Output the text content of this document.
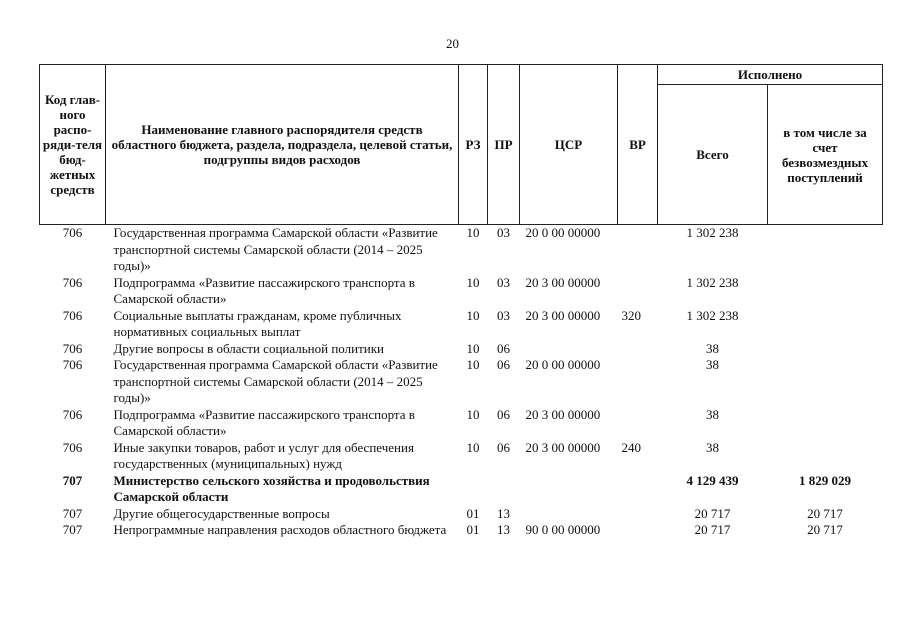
20
Код глав-ного распо-ряди-теля бюд-жетных средств	Наименование главного распорядителя средств областного бюджета, раздела, подраздела, целевой статьи, подгруппы видов расходов	РЗ	ПР	ЦСР	ВР	Исполнено	
						Всего	в том числе за счет безвозмездных поступлений
706	Государственная программа Самарской области «Развитие транспортной системы Самарской области (2014 – 2025 годы)»	10	03	20 0 00 00000		1 302 238	
706	Подпрограмма «Развитие пассажирского транспорта в Самарской области»	10	03	20 3 00 00000		1 302 238	
706	Социальные выплаты гражданам, кроме публичных нормативных социальных выплат	10	03	20 3 00 00000	320	1 302 238	
706	Другие вопросы в области социальной политики	10	06			38	
706	Государственная программа Самарской области «Развитие транспортной системы Самарской области (2014 – 2025 годы)»	10	06	20 0 00 00000		38	
706	Подпрограмма «Развитие пассажирского транспорта в Самарской области»	10	06	20 3 00 00000		38	
706	Иные закупки товаров, работ и услуг для обеспечения государственных (муниципальных) нужд	10	06	20 3 00 00000	240	38	
707	Министерство сельского хозяйства и продовольствия Самарской области					4 129 439	1 829 029
707	Другие общегосударственные вопросы	01	13			20 717	20 717
707	Непрограммные направления расходов областного бюджета	01	13	90 0 00 00000		20 717	20 717
